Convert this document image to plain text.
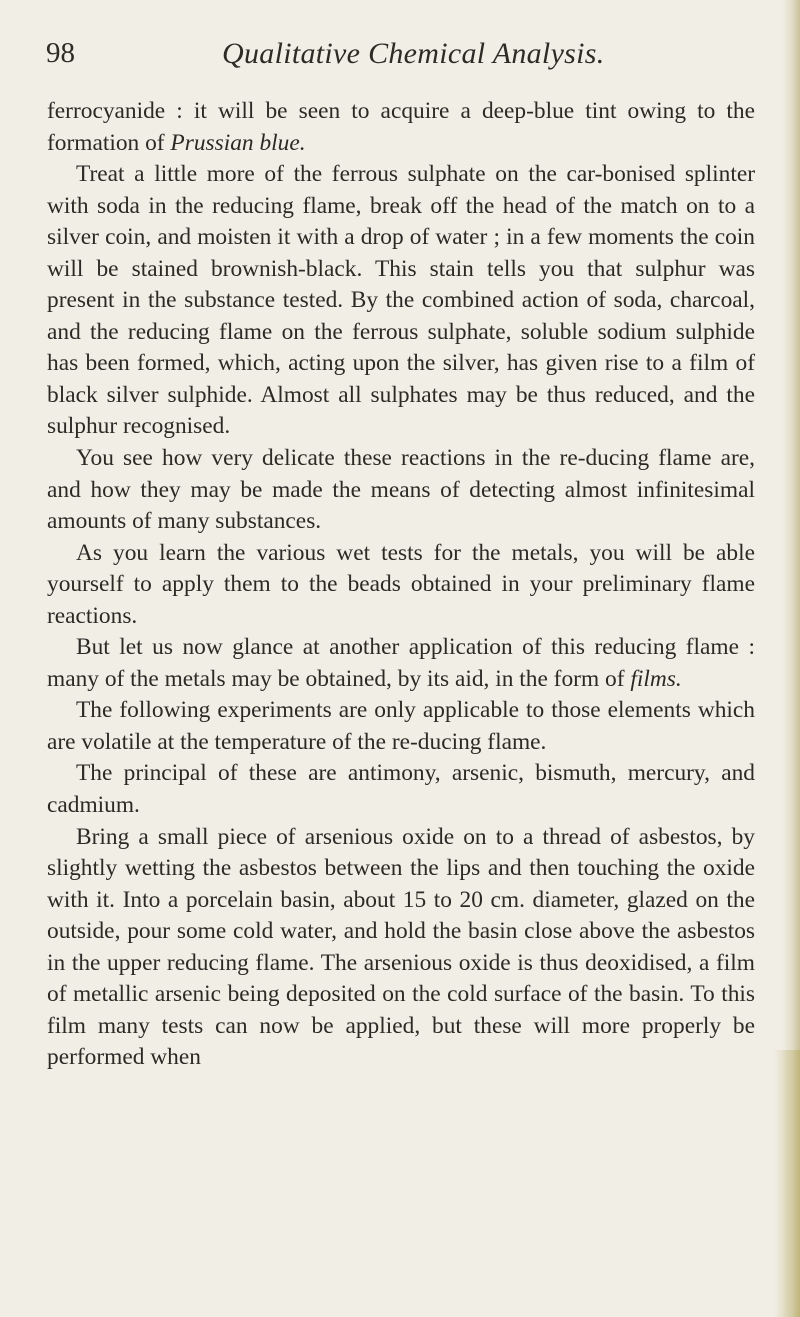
98	Qualitative Chemical Analysis.

ferrocyanide : it will be seen to acquire a deep-blue tint owing to the formation of Prussian blue.

Treat a little more of the ferrous sulphate on the car-bonised splinter with soda in the reducing flame, break off the head of the match on to a silver coin, and moisten it with a drop of water ; in a few moments the coin will be stained brownish-black. This stain tells you that sulphur was present in the substance tested. By the combined action of soda, charcoal, and the reducing flame on the ferrous sulphate, soluble sodium sulphide has been formed, which, acting upon the silver, has given rise to a film of black silver sulphide. Almost all sulphates may be thus reduced, and the sulphur recognised.

You see how very delicate these reactions in the re-ducing flame are, and how they may be made the means of detecting almost infinitesimal amounts of many substances.

As you learn the various wet tests for the metals, you will be able yourself to apply them to the beads obtained in your preliminary flame reactions.

But let us now glance at another application of this reducing flame : many of the metals may be obtained, by its aid, in the form of films.

The following experiments are only applicable to those elements which are volatile at the temperature of the re-ducing flame.

The principal of these are antimony, arsenic, bismuth, mercury, and cadmium.

Bring a small piece of arsenious oxide on to a thread of asbestos, by slightly wetting the asbestos between the lips and then touching the oxide with it. Into a porcelain basin, about 15 to 20 cm. diameter, glazed on the outside, pour some cold water, and hold the basin close above the asbestos in the upper reducing flame. The arsenious oxide is thus deoxidised, a film of metallic arsenic being deposited on the cold surface of the basin. To this film many tests can now be applied, but these will more properly be performed when
